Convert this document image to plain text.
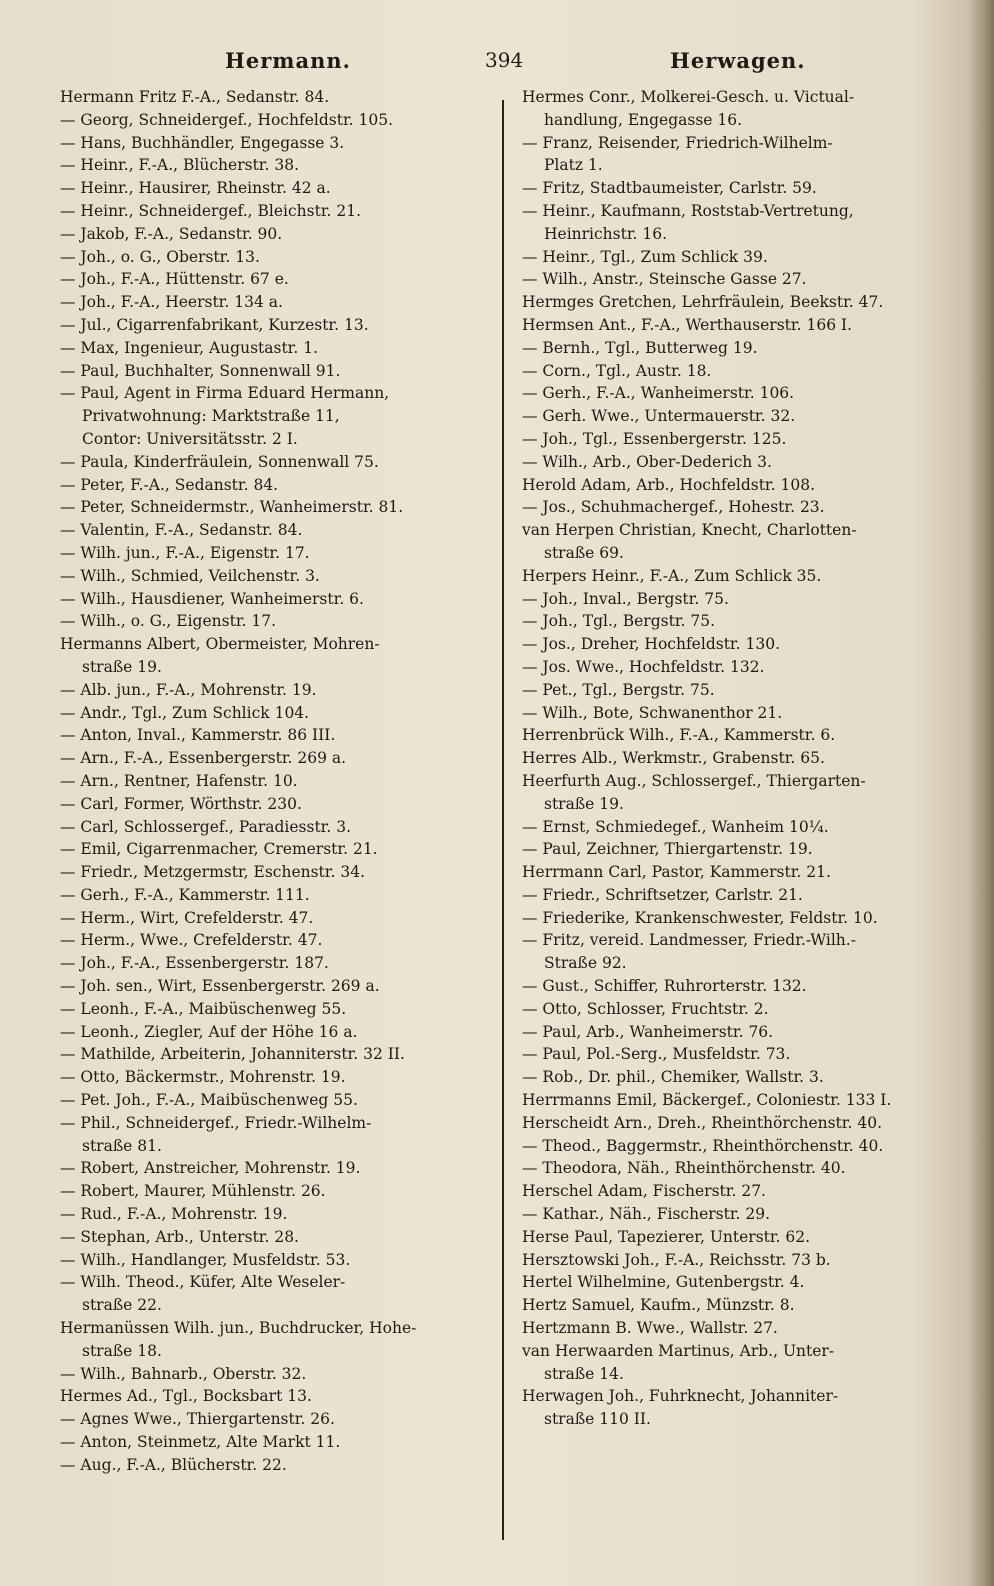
Hermann.	394	Herwagen.
Hermann Fritz F.-A., Sedanstr. 84.
— Georg, Schneidergef., Hochfeldstr. 105.
— Hans, Buchhändler, Engegasse 3.
— Heinr., F.-A., Blücherstr. 38.
— Heinr., Hausirer, Rheinstr. 42 a.
— Heinr., Schneidergef., Bleichstr. 21.
— Jakob, F.-A., Sedanstr. 90.
— Joh., o. G., Oberstr. 13.
— Joh., F.-A., Hüttenstr. 67 e.
— Joh., F.-A., Heerstr. 134 a.
— Jul., Cigarrenfabrikant, Kurzestr. 13.
— Max, Ingenieur, Augustastr. 1.
— Paul, Buchhalter, Sonnenwall 91.
— Paul, Agent in Firma Eduard Hermann,
Privatwohnung: Marktstraße 11,
Contor: Universitätsstr. 2 I.
— Paula, Kinderfräulein, Sonnenwall 75.
— Peter, F.-A., Sedanstr. 84.
— Peter, Schneidermstr., Wanheimerstr. 81.
— Valentin, F.-A., Sedanstr. 84.
— Wilh. jun., F.-A., Eigenstr. 17.
— Wilh., Schmied, Veilchenstr. 3.
— Wilh., Hausdiener, Wanheimerstr. 6.
— Wilh., o. G., Eigenstr. 17.
Hermanns Albert, Obermeister, Mohren-
straße 19.
— Alb. jun., F.-A., Mohrenstr. 19.
— Andr., Tgl., Zum Schlick 104.
— Anton, Inval., Kammerstr. 86 III.
— Arn., F.-A., Essenbergerstr. 269 a.
— Arn., Rentner, Hafenstr. 10.
— Carl, Former, Wörthstr. 230.
— Carl, Schlossergef., Paradiesstr. 3.
— Emil, Cigarrenmacher, Cremerstr. 21.
— Friedr., Metzgermstr, Eschenstr. 34.
— Gerh., F.-A., Kammerstr. 111.
— Herm., Wirt, Crefelderstr. 47.
— Herm., Wwe., Crefelderstr. 47.
— Joh., F.-A., Essenbergerstr. 187.
— Joh. sen., Wirt, Essenbergerstr. 269 a.
— Leonh., F.-A., Maibüschenweg 55.
— Leonh., Ziegler, Auf der Höhe 16 a.
— Mathilde, Arbeiterin, Johanniterstr. 32 II.
— Otto, Bäckermstr., Mohrenstr. 19.
— Pet. Joh., F.-A., Maibüschenweg 55.
— Phil., Schneidergef., Friedr.-Wilhelm-
straße 81.
— Robert, Anstreicher, Mohrenstr. 19.
— Robert, Maurer, Mühlenstr. 26.
— Rud., F.-A., Mohrenstr. 19.
— Stephan, Arb., Unterstr. 28.
— Wilh., Handlanger, Musfeldstr. 53.
— Wilh. Theod., Küfer, Alte Weseler-
straße 22.
Hermanüssen Wilh. jun., Buchdrucker, Hohe-
straße 18.
— Wilh., Bahnarb., Oberstr. 32.
Hermes Ad., Tgl., Bocksbart 13.
— Agnes Wwe., Thiergartenstr. 26.
— Anton, Steinmetz, Alte Markt 11.
— Aug., F.-A., Blücherstr. 22.
Hermes Conr., Molkerei-Gesch. u. Victual-
handlung, Engegasse 16.
— Franz, Reisender, Friedrich-Wilhelm-
Platz 1.
— Fritz, Stadtbaumeister, Carlstr. 59.
— Heinr., Kaufmann, Roststab-Vertretung,
Heinrichstr. 16.
— Heinr., Tgl., Zum Schlick 39.
— Wilh., Anstr., Steinsche Gasse 27.
Hermges Gretchen, Lehrfräulein, Beekstr. 47.
Hermsen Ant., F.-A., Werthauserstr. 166 I.
— Bernh., Tgl., Butterweg 19.
— Corn., Tgl., Austr. 18.
— Gerh., F.-A., Wanheimerstr. 106.
— Gerh. Wwe., Untermauerstr. 32.
— Joh., Tgl., Essenbergerstr. 125.
— Wilh., Arb., Ober-Dederich 3.
Herold Adam, Arb., Hochfeldstr. 108.
— Jos., Schuhmachergef., Hohestr. 23.
van Herpen Christian, Knecht, Charlotten-
straße 69.
Herpers Heinr., F.-A., Zum Schlick 35.
— Joh., Inval., Bergstr. 75.
— Joh., Tgl., Bergstr. 75.
— Jos., Dreher, Hochfeldstr. 130.
— Jos. Wwe., Hochfeldstr. 132.
— Pet., Tgl., Bergstr. 75.
— Wilh., Bote, Schwanenthor 21.
Herrenbrück Wilh., F.-A., Kammerstr. 6.
Herres Alb., Werkmstr., Grabenstr. 65.
Heerfurth Aug., Schlossergef., Thiergarten-
straße 19.
— Ernst, Schmiedegef., Wanheim 10¼.
— Paul, Zeichner, Thiergartenstr. 19.
Herrmann Carl, Pastor, Kammerstr. 21.
— Friedr., Schriftsetzer, Carlstr. 21.
— Friederike, Krankenschwester, Feldstr. 10.
— Fritz, vereid. Landmesser, Friedr.-Wilh.-
Straße 92.
— Gust., Schiffer, Ruhrorterstr. 132.
— Otto, Schlosser, Fruchtstr. 2.
— Paul, Arb., Wanheimerstr. 76.
— Paul, Pol.-Serg., Musfeldstr. 73.
— Rob., Dr. phil., Chemiker, Wallstr. 3.
Herrmanns Emil, Bäckergef., Coloniestr. 133 I.
Herscheidt Arn., Dreh., Rheinthörchenstr. 40.
— Theod., Baggermstr., Rheinthörchenstr. 40.
— Theodora, Näh., Rheinthörchenstr. 40.
Herschel Adam, Fischerstr. 27.
— Kathar., Näh., Fischerstr. 29.
Herse Paul, Tapezierer, Unterstr. 62.
Hersztowski Joh., F.-A., Reichsstr. 73 b.
Hertel Wilhelmine, Gutenbergstr. 4.
Hertz Samuel, Kaufm., Münzstr. 8.
Hertzmann B. Wwe., Wallstr. 27.
van Herwaarden Martinus, Arb., Unter-
straße 14.
Herwagen Joh., Fuhrknecht, Johanniter-
straße 110 II.
